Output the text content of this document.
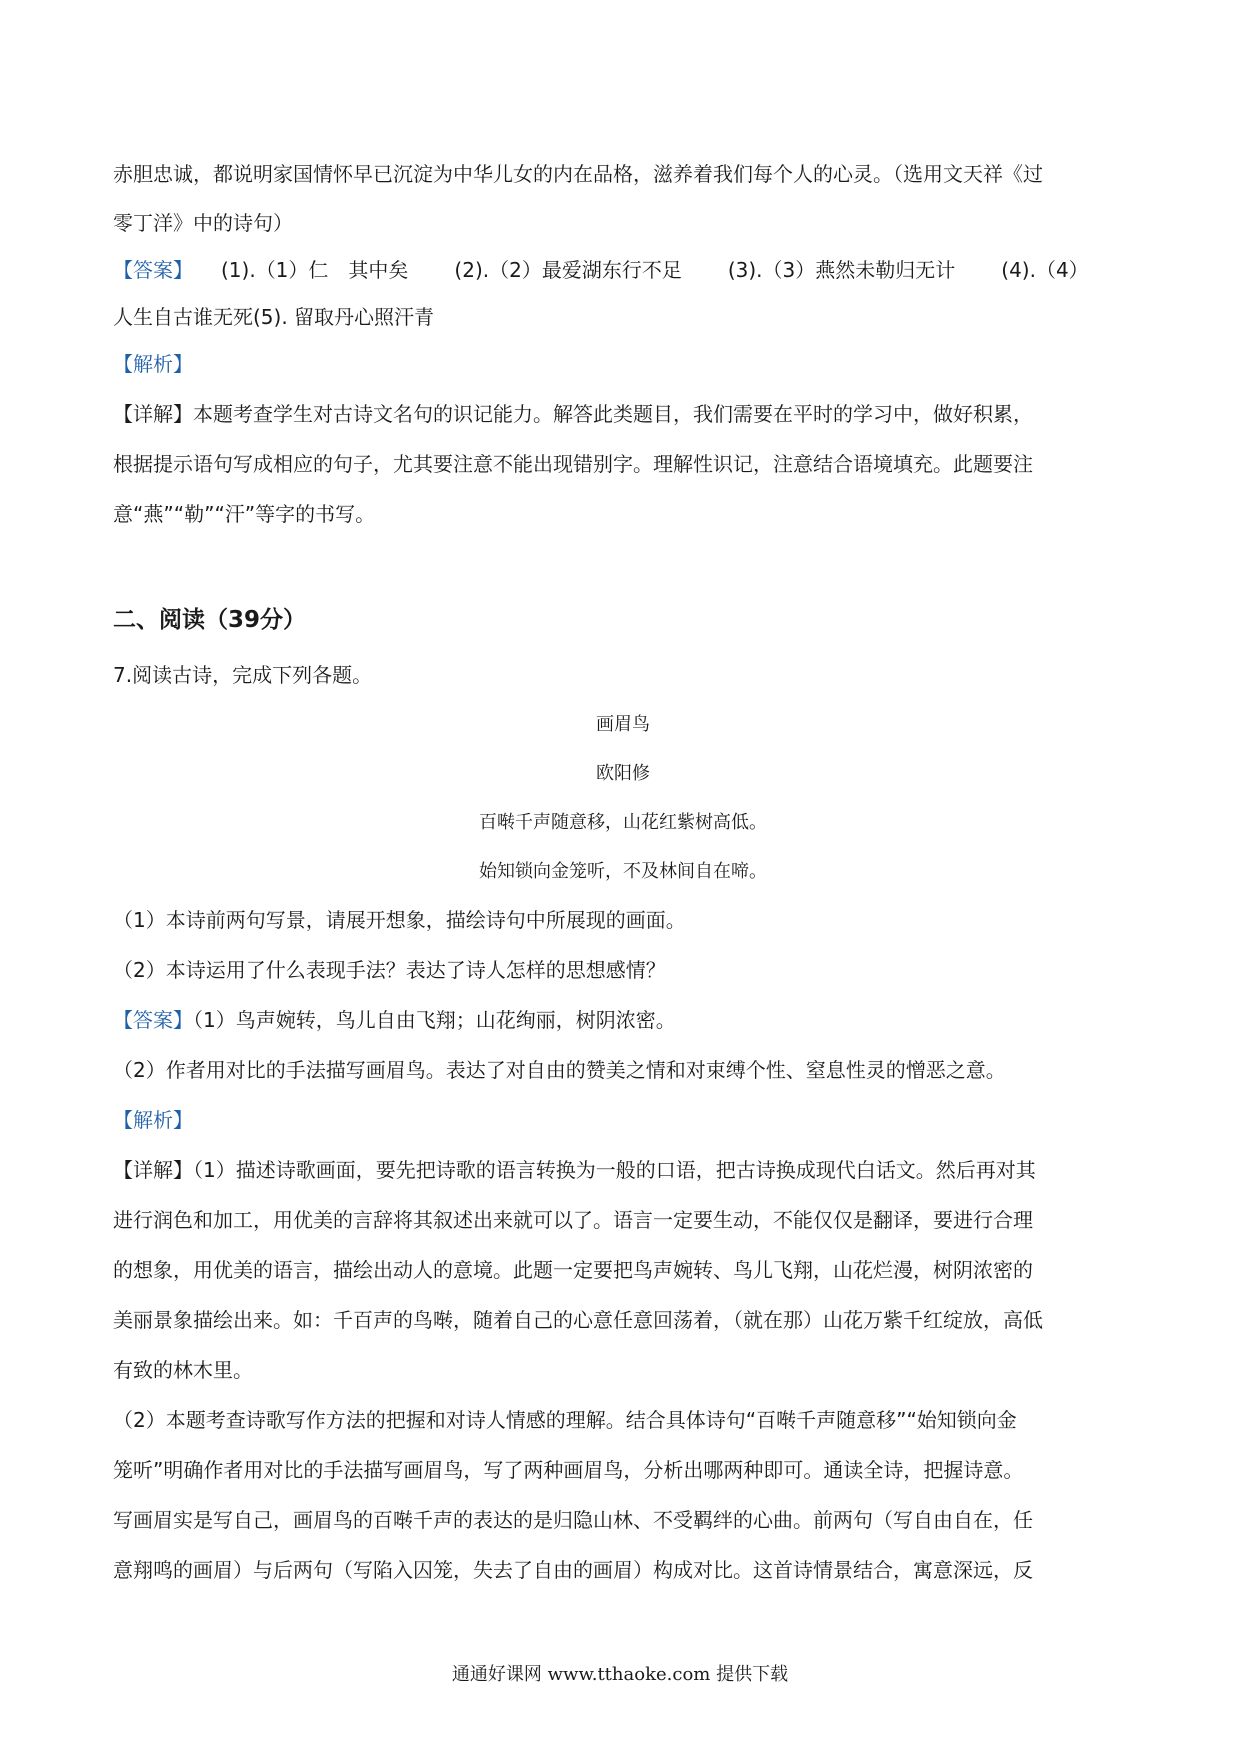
赤胆忠诚，都说明家国情怀早已沉淀为中华儿女的内在品格，滋养着我们每个人的心灵。（选用文天祥《过

零丁洋》中的诗句）

【答案】 (1).（1）仁　其中矣 (2).（2）最爱湖东行不足 (3).（3）燕然未勒归无计 (4).（4）

人生自古谁无死(5). 留取丹心照汗青

【解析】

【详解】本题考查学生对古诗文名句的识记能力。解答此类题目，我们需要在平时的学习中，做好积累，

根据提示语句写成相应的句子，尤其要注意不能出现错别字。理解性识记，注意结合语境填充。此题要注

意“燕”“勒”“汗”等字的书写。

二、阅读（39分）

7.阅读古诗，完成下列各题。

画眉鸟

欧阳修

百啭千声随意移，山花红紫树高低。

始知锁向金笼听，不及林间自在啼。

（1）本诗前两句写景，请展开想象，描绘诗句中所展现的画面。

（2）本诗运用了什么表现手法？表达了诗人怎样的思想感情？

【答案】（1）鸟声婉转，鸟儿自由飞翔；山花绚丽，树阴浓密。

（2）作者用对比的手法描写画眉鸟。表达了对自由的赞美之情和对束缚个性、窒息性灵的憎恶之意。

【解析】

【详解】（1）描述诗歌画面，要先把诗歌的语言转换为一般的口语，把古诗换成现代白话文。然后再对其

进行润色和加工，用优美的言辞将其叙述出来就可以了。语言一定要生动，不能仅仅是翻译，要进行合理

的想象，用优美的语言，描绘出动人的意境。此题一定要把鸟声婉转、鸟儿飞翔，山花烂漫，树阴浓密的

美丽景象描绘出来。如：千百声的鸟啭，随着自己的心意任意回荡着，（就在那）山花万紫千红绽放，高低

有致的林木里。

（2）本题考查诗歌写作方法的把握和对诗人情感的理解。结合具体诗句“百啭千声随意移”“始知锁向金

笼听”明确作者用对比的手法描写画眉鸟，写了两种画眉鸟，分析出哪两种即可。通读全诗，把握诗意。

写画眉实是写自己，画眉鸟的百啭千声的表达的是归隐山林、不受羁绊的心曲。前两句（写自由自在，任

意翔鸣的画眉）与后两句（写陷入囚笼，失去了自由的画眉）构成对比。这首诗情景结合，寓意深远，反

通通好课网 www.tthaoke.com 提供下载
